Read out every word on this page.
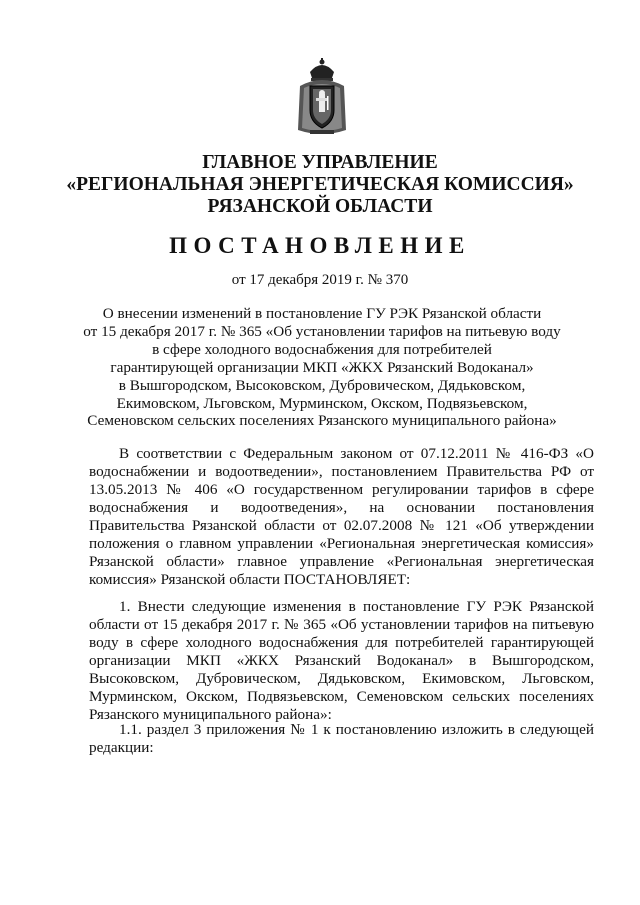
ГЛАВНОЕ УПРАВЛЕНИЕ
«РЕГИОНАЛЬНАЯ ЭНЕРГЕТИЧЕСКАЯ КОМИССИЯ»
РЯЗАНСКОЙ ОБЛАСТИ
ПОСТАНОВЛЕНИЕ
от 17 декабря 2019 г. № 370
О внесении изменений в постановление ГУ РЭК Рязанской области
от 15 декабря 2017 г. № 365 «Об установлении тарифов на питьевую воду
в сфере холодного водоснабжения для потребителей
гарантирующей организации МКП «ЖКХ Рязанский Водоканал»
в Вышгородском, Высоковском, Дубровическом, Дядьковском,
Екимовском, Льговском, Мурминском, Окском, Подвязьевском,
Семеновском сельских поселениях Рязанского муниципального района»
В соответствии с Федеральным законом от 07.12.2011 № 416-ФЗ «О водоснабжении и водоотведении», постановлением Правительства РФ от 13.05.2013 № 406 «О государственном регулировании тарифов в сфере водоснабжения и водоотведения», на основании постановления Правительства Рязанской области от 02.07.2008 № 121 «Об утверждении положения о главном управлении «Региональная энергетическая комиссия» Рязанской области» главное управление «Региональная энергетическая комиссия» Рязанской области ПОСТАНОВЛЯЕТ:
1. Внести следующие изменения в постановление ГУ РЭК Рязанской области от 15 декабря 2017 г. № 365 «Об установлении тарифов на питьевую воду в сфере холодного водоснабжения для потребителей гарантирующей организации МКП «ЖКХ Рязанский Водоканал» в Вышгородском, Высоковском, Дубровическом, Дядьковском, Екимовском, Льговском, Мурминском, Окском, Подвязьевском, Семеновском сельских поселениях Рязанского муниципального района»:
1.1. раздел 3 приложения № 1 к постановлению изложить в следующей редакции:
